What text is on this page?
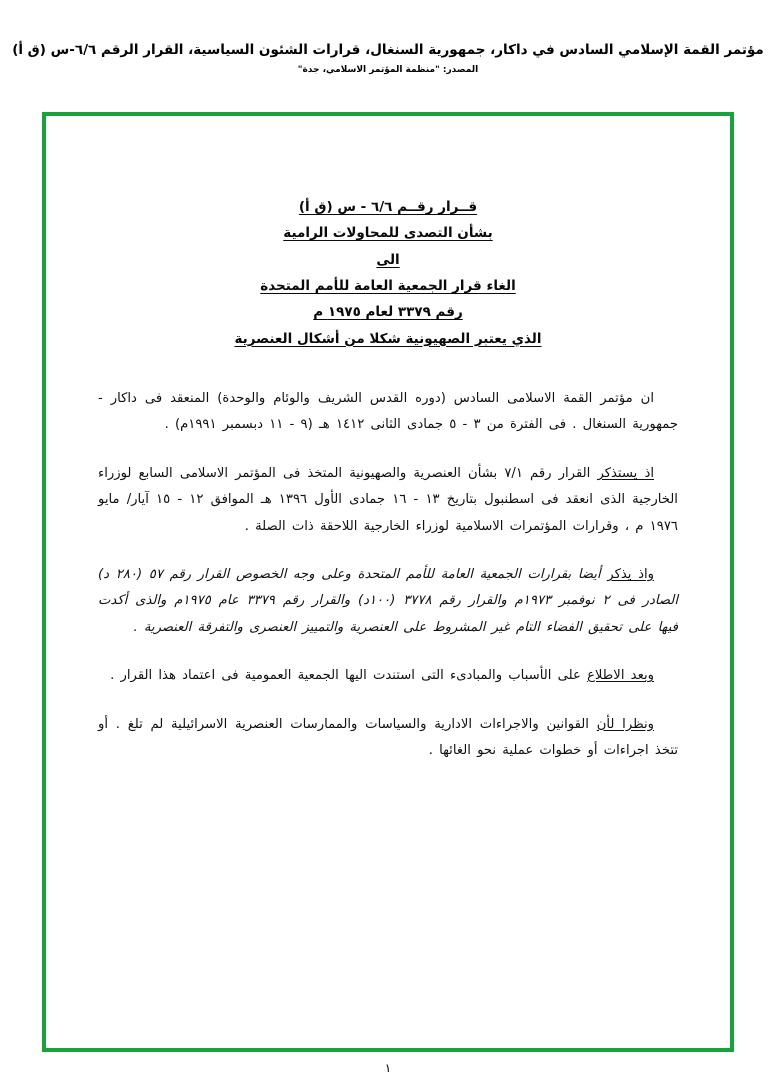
مؤتمر القمة الإسلامي السادس في داكار، جمهورية السنغال، قرارات الشئون السياسية، القرار الرقم ٦/٦-س (ق أ)
المصدر: "منظمة المؤتمر الاسلامي، جدة"
قــرار رقــم ٦/٦ - س (ق أ)
بشأن التصدى للمحاولات الرامية
الى
الغاء قرار الجمعية العامة للأمم المتحدة
رقم ٣٣٧٩ لعام ١٩٧٥ م
الذي يعتبر الصهيونية شكلا من أشكال العنصرية

ان مؤتمر القمة الاسلامى السادس (دوره القدس الشريف والوئام والوحدة) المنعقد فى داكار - جمهورية السنغال . فى الفترة من ٣ - ٥ جمادى الثانى ١٤١٢ هـ (٩ - ١١ دبسمبر ١٩٩١م) .

اذ يستذكر القرار رقم ٧/١ بشأن العنصرية والصهيونية المتخذ فى المؤتمر الاسلامى السابع لوزراء الخارجية الذى انعقد فى اسطنبول بتاريخ ١٣ - ١٦ جمادى الأول ١٣٩٦ هـ الموافق ١٢ - ١٥ آيار/ مايو ١٩٧٦ م ، وقرارات المؤتمرات الاسلامية لوزراء الخارجية اللاحقة ذات الصلة .

واذ يذكر أيضا بقرارات الجمعية العامة للأمم المتحدة وعلى وجه الخصوص القرار رقم ٥٧ (٢٨٠ د) الصادر فى ٢ نوفمبر ١٩٧٣م والقرار رقم ٣٧٧٨ (١٠٠د) والقرار رقم ٣٣٧٩ عام ١٩٧٥م والذى أكدت فيها على تحقيق الفضاء التام غير المشروط على العنصرية والتمييز العنصرى والتفرقة العنصرية .

وبعد الاطلاع على الأسباب والمبادىء التى استندت اليها الجمعية العمومية فى اعتماد هذا القرار .

ونظرا لأن القوانين والاجراءات الادارية والسياسات والممارسات العنصرية الاسرائيلية لم تلغ . أو تتخذ اجراءات أو خطوات عملية نحو الغائها .

١
